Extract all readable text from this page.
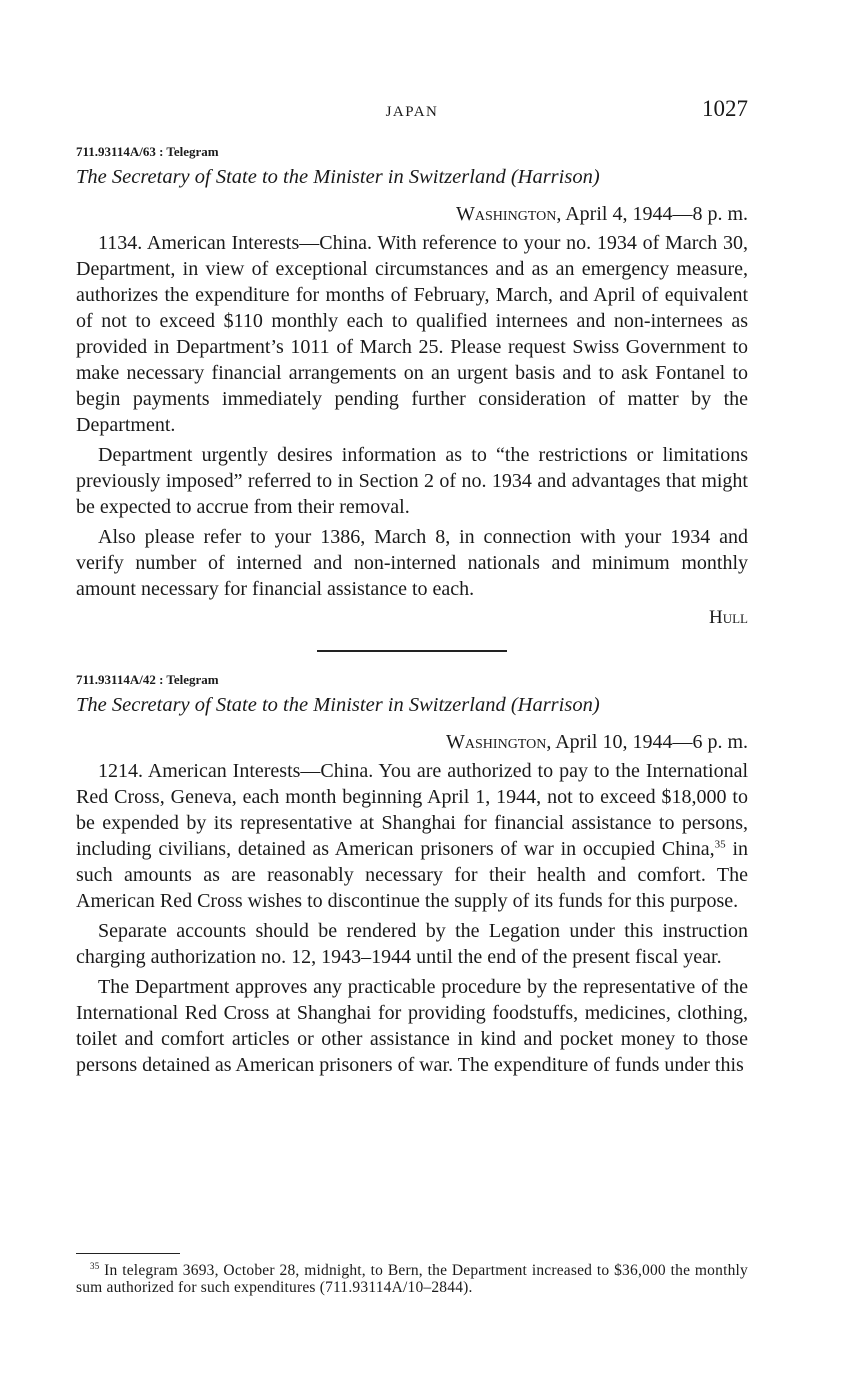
JAPAN	1027
711.93114A/63 : Telegram
The Secretary of State to the Minister in Switzerland (Harrison)
Washington, April 4, 1944—8 p. m.

1134. American Interests—China. With reference to your no. 1934 of March 30, Department, in view of exceptional circumstances and as an emergency measure, authorizes the expenditure for months of February, March, and April of equivalent of not to exceed $110 monthly each to qualified internees and non-internees as provided in Department’s 1011 of March 25. Please request Swiss Government to make necessary financial arrangements on an urgent basis and to ask Fontanel to begin payments immediately pending further consideration of matter by the Department.

Department urgently desires information as to “the restrictions or limitations previously imposed” referred to in Section 2 of no. 1934 and advantages that might be expected to accrue from their removal.

Also please refer to your 1386, March 8, in connection with your 1934 and verify number of interned and non-interned nationals and minimum monthly amount necessary for financial assistance to each.

Hull
711.93114A/42 : Telegram
The Secretary of State to the Minister in Switzerland (Harrison)
Washington, April 10, 1944—6 p. m.

1214. American Interests—China. You are authorized to pay to the International Red Cross, Geneva, each month beginning April 1, 1944, not to exceed $18,000 to be expended by its representative at Shanghai for financial assistance to persons, including civilians, detained as American prisoners of war in occupied China,$^{35}$ in such amounts as are reasonably necessary for their health and comfort. The American Red Cross wishes to discontinue the supply of its funds for this purpose.

Separate accounts should be rendered by the Legation under this instruction charging authorization no. 12, 1943–1944 until the end of the present fiscal year.

The Department approves any practicable procedure by the representative of the International Red Cross at Shanghai for providing foodstuffs, medicines, clothing, toilet and comfort articles or other assistance in kind and pocket money to those persons detained as American prisoners of war. The expenditure of funds under this

$^{35}$ In telegram 3693, October 28, midnight, to Bern, the Department increased to $36,000 the monthly sum authorized for such expenditures (711.93114A/10–2844).
